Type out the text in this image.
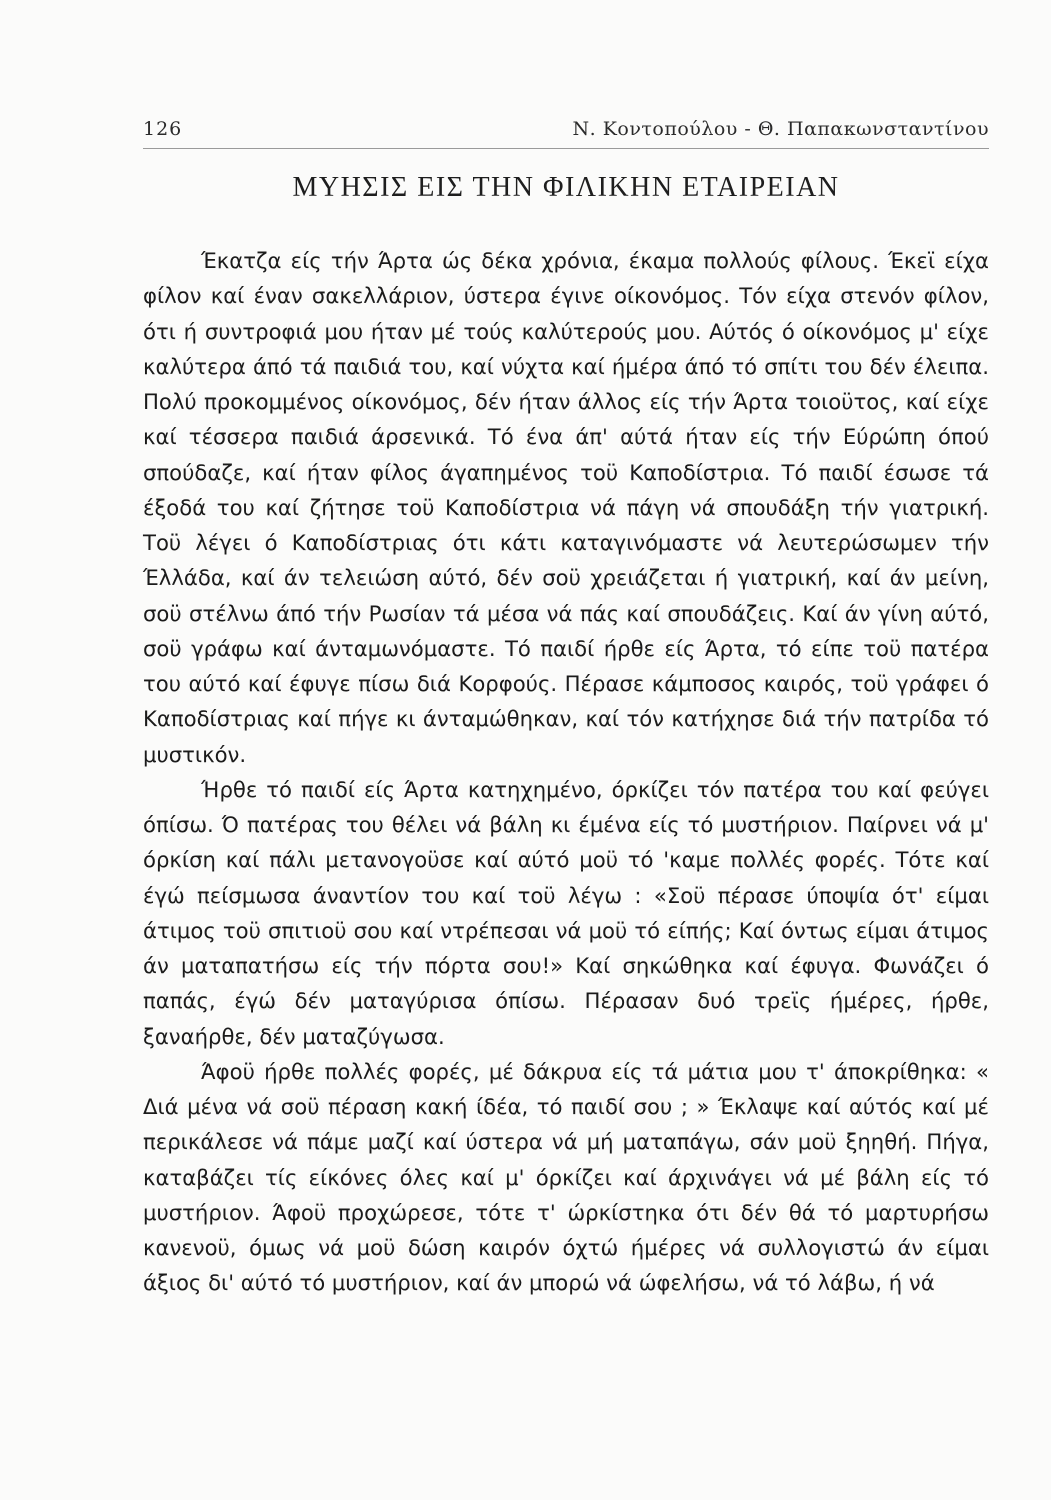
126	Ν. Κοντοπούλου - Θ. Παπακωνσταντίνου
ΜΥΗΣΙΣ ΕΙΣ ΤΗΝ ΦΙΛΙΚΗΝ ΕΤΑΙΡΕΙΑΝ

Έκατζα είς τήν Άρτα ώς δέκα χρόνια, έκαμα πολλούς φίλους. Έκεϊ είχα φίλον καί έναν σακελλάριον, ύστερα έγινε οίκονόμος. Τόν είχα στενόν φίλον, ότι ή συντροφιά μου ήταν μέ τούς καλύτερούς μου. Αύτός ό οίκονόμος μ' είχε καλύτερα άπό τά παιδιά του, καί νύχτα καί ήμέρα άπό τό σπίτι του δέν έλειπα. Πολύ προκομμένος οίκονόμος, δέν ήταν άλλος είς τήν Άρτα τοιοϋτος, καί είχε καί τέσσερα παιδιά άρσενικά. Τό ένα άπ' αύτά ήταν είς τήν Εύρώπη όπού σπούδαζε, καί ήταν φίλος άγαπημένος τοϋ Καποδίστρια. Τό παιδί έσωσε τά έξοδά του καί ζήτησε τοϋ Καποδίστρια νά πάγη νά σπουδάξη τήν γιατρική. Τοϋ λέγει ό Καποδίστριας ότι κάτι καταγινόμαστε νά λευτερώσωμεν τήν Έλλάδα, καί άν τελειώση αύτό, δέν σοϋ χρειάζεται ή γιατρική, καί άν μείνη, σοϋ στέλνω άπό τήν Ρωσίαν τά μέσα νά πάς καί σπουδάζεις. Καί άν γίνη αύτό, σοϋ γράφω καί άνταμωνόμαστε. Τό παιδί ήρθε είς Άρτα, τό είπε τοϋ πατέρα του αύτό καί έφυγε πίσω διά Κορφούς. Πέρασε κάμποσος καιρός, τοϋ γράφει ό Καποδίστριας καί πήγε κι άνταμώθηκαν, καί τόν κατήχησε διά τήν πατρίδα τό μυστικόν.

Ήρθε τό παιδί είς Άρτα κατηχημένο, όρκίζει τόν πατέρα του καί φεύγει όπίσω. Ό πατέρας του θέλει νά βάλη κι έμένα είς τό μυστήριον. Παίρνει νά μ' όρκίση καί πάλι μετανογοϋσε καί αύτό μοϋ τό 'καμε πολλές φορές. Τότε καί έγώ πείσμωσα άναντίον του καί τοϋ λέγω : «Σοϋ πέρασε ύποψία ότ' είμαι άτιμος τοϋ σπιτιοϋ σου καί ντρέπεσαι νά μοϋ τό είπής; Καί όντως είμαι άτιμος άν ματαπατήσω είς τήν πόρτα σου!» Καί σηκώθηκα καί έφυγα. Φωνάζει ό παπάς, έγώ δέν ματαγύρισα όπίσω. Πέρασαν δυό τρεϊς ήμέρες, ήρθε, ξαναήρθε, δέν ματαζύγωσα.

Άφοϋ ήρθε πολλές φορές, μέ δάκρυα είς τά μάτια μου τ' άποκρίθηκα: « Διά μένα νά σοϋ πέραση κακή ίδέα, τό παιδί σου ; » Έκλαψε καί αύτός καί μέ περικάλεσε νά πάμε μαζί καί ύστερα νά μή ματαπάγω, σάν μοϋ ξηηθή. Πήγα, καταβάζει τίς είκόνες όλες καί μ' όρκίζει καί άρχινάγει νά μέ βάλη είς τό μυστήριον. Άφοϋ προχώρεσε, τότε τ' ώρκίστηκα ότι δέν θά τό μαρτυρήσω κανενοϋ, όμως νά μοϋ δώση καιρόν όχτώ ήμέρες νά συλλογιστώ άν είμαι άξιος δι' αύτό τό μυστήριον, καί άν μπορώ νά ώφελήσω, νά τό λάβω, ή νά
